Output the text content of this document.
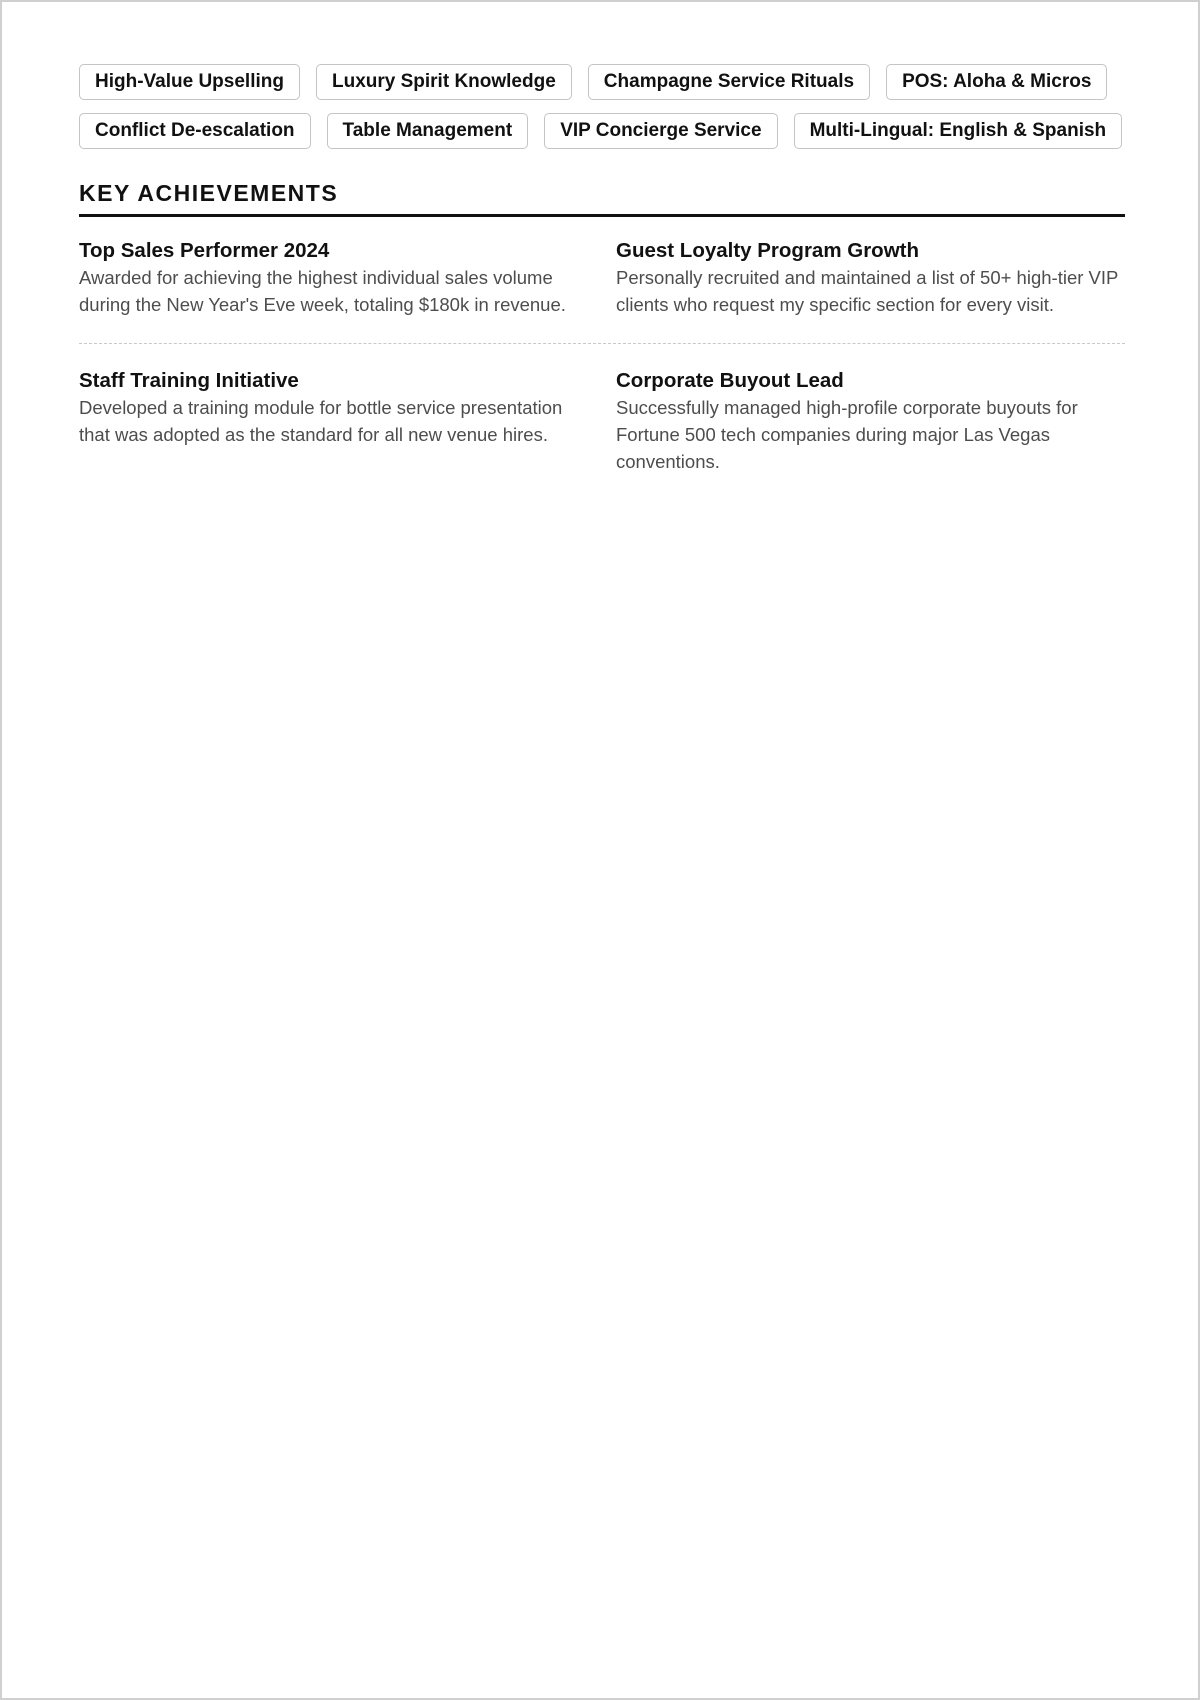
High-Value Upselling	Luxury Spirit Knowledge	Champagne Service Rituals	POS: Aloha & Micros
Conflict De-escalation	Table Management	VIP Concierge Service	Multi-Lingual: English & Spanish
KEY ACHIEVEMENTS
Top Sales Performer 2024
Awarded for achieving the highest individual sales volume during the New Year's Eve week, totaling $180k in revenue.
Guest Loyalty Program Growth
Personally recruited and maintained a list of 50+ high-tier VIP clients who request my specific section for every visit.
Staff Training Initiative
Developed a training module for bottle service presentation that was adopted as the standard for all new venue hires.
Corporate Buyout Lead
Successfully managed high-profile corporate buyouts for Fortune 500 tech companies during major Las Vegas conventions.
